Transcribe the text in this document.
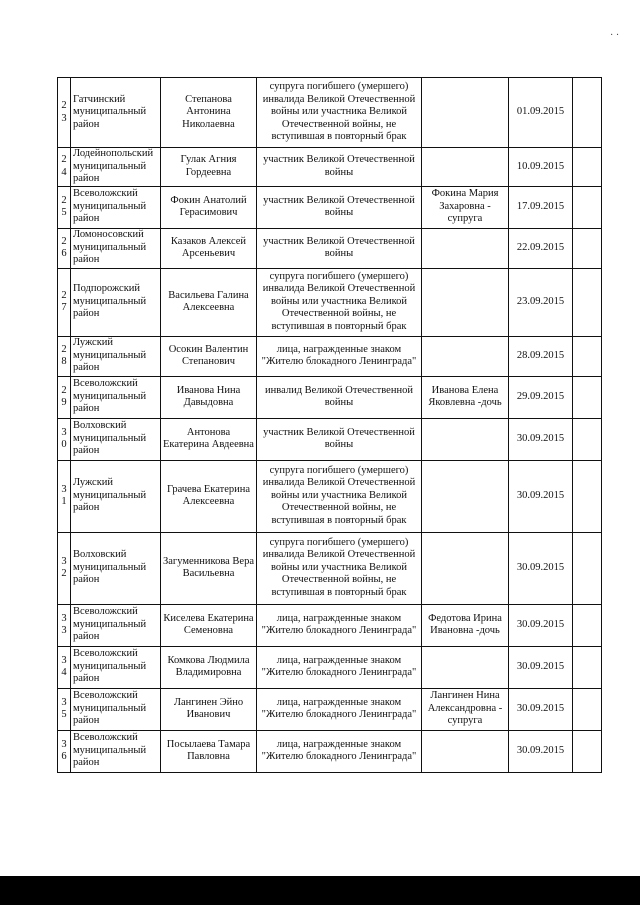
· ·
23	Гатчинский муниципальный район	Степанова Антонина Николаевна	супруга погибшего (умершего) инвалида Великой Отечественной войны или участника Великой Отечественной войны, не вступившая в повторный брак		01.09.2015	
24	Лодейнопольский муниципальный район	Гулак Агния Гордеевна	участник Великой Отечественной войны		10.09.2015	
25	Всеволожский муниципальный район	Фокин Анатолий Герасимович	участник Великой Отечественной войны	Фокина Мария Захаровна - супруга	17.09.2015	
26	Ломоносовский муниципальный район	Казаков Алексей Арсеньевич	участник Великой Отечественной войны		22.09.2015	
27	Подпорожский муниципальный район	Васильева Галина Алексеевна	супруга погибшего (умершего) инвалида Великой Отечественной войны или участника Великой Отечественной войны, не вступившая в повторный брак		23.09.2015	
28	Лужский муниципальный район	Осокин Валентин Степанович	лица, награжденные знаком "Жителю блокадного Ленинграда"		28.09.2015	
29	Всеволожский муниципальный район	Иванова Нина Давыдовна	инвалид Великой Отечественной войны	Иванова Елена Яковлевна -дочь	29.09.2015	
30	Волховский муниципальный район	Антонова Екатерина Авдеевна	участник Великой Отечественной войны		30.09.2015	
31	Лужский муниципальный район	Грачева Екатерина Алексеевна	супруга погибшего (умершего) инвалида Великой Отечественной войны или участника Великой Отечественной войны, не вступившая в повторный брак		30.09.2015	
32	Волховский муниципальный район	Загуменникова Вера Васильевна	супруга погибшего (умершего) инвалида Великой Отечественной войны или участника Великой Отечественной войны, не вступившая в повторный брак		30.09.2015	
33	Всеволожский муниципальный район	Киселева Екатерина Семеновна	лица, награжденные знаком "Жителю блокадного Ленинграда"	Федотова Ирина Ивановна -дочь	30.09.2015	
34	Всеволожский муниципальный район	Комкова Людмила Владимировна	лица, награжденные знаком "Жителю блокадного Ленинграда"		30.09.2015	
35	Всеволожский муниципальный район	Лангинен Эйно Иванович	лица, награжденные знаком "Жителю блокадного Ленинграда"	Лангинен Нина Александровна - супруга	30.09.2015	
36	Всеволожский муниципальный район	Посылаева Тамара Павловна	лица, награжденные знаком "Жителю блокадного Ленинграда"		30.09.2015	
